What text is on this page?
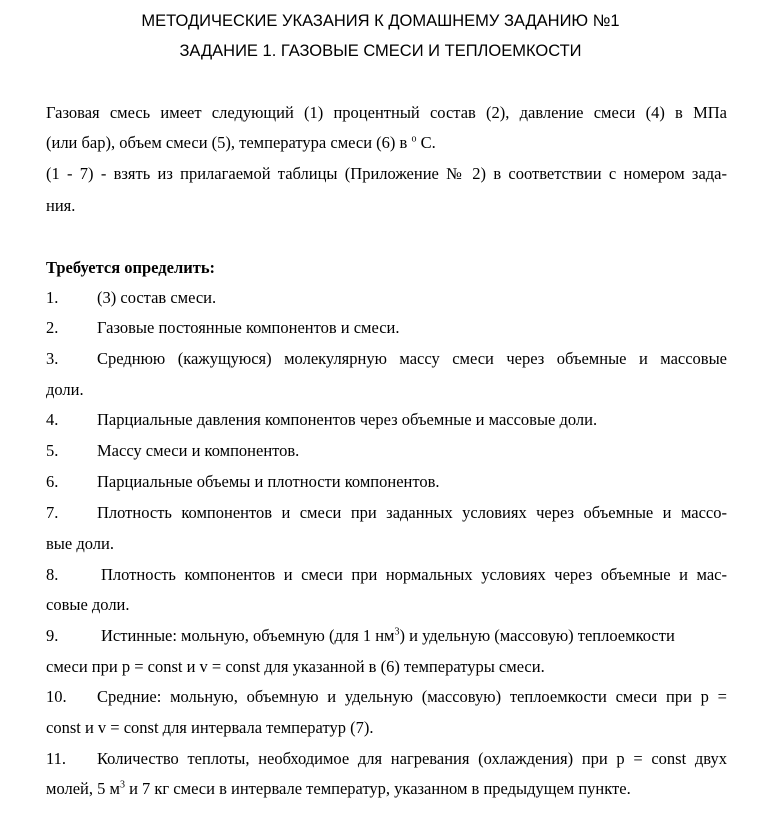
МЕТОДИЧЕСКИЕ УКАЗАНИЯ К ДОМАШНЕМУ ЗАДАНИЮ №1
ЗАДАНИЕ 1. ГАЗОВЫЕ СМЕСИ И ТЕПЛОЕМКОСТИ
Газовая смесь имеет следующий (1) процентный состав (2), давление смеси (4) в МПа
(или бар), объем смеси (5), температура смеси (6) в $^o$ С.
(1 - 7) - взять из прилагаемой таблицы (Приложение № 2) в соответствии с номером зада-
ния.
Требуется определить:
1. (3) состав смеси.
2. Газовые постоянные компонентов и смеси.
3. Среднюю (кажущуюся) молекулярную массу смеси через объемные и массовые
доли.
4. Парциальные давления компонентов через объемные и массовые доли.
5. Массу смеси и компонентов.
6. Парциальные объемы и плотности компонентов.
7. Плотность компонентов и смеси при заданных условиях через объемные и массо-
вые доли.
8.	Плотность компонентов и смеси при нормальных условиях через объемные и мас-
совые доли.
9.	Истинные: мольную, объемную (для 1 $нм^3$) и удельную (массовую) теплоемкости
смеси при p = const и v = const для указанной в (6) температуры смеси.
10. Средние: мольную, объемную и удельную (массовую) теплоемкости смеси при p =
const и v = const для интервала температур (7).
11. Количество теплоты, необходимое для нагревания (охлаждения) при p = const двух
молей, 5 $м^3$ и 7 кг смеси в интервале температур, указанном в предыдущем пункте.
